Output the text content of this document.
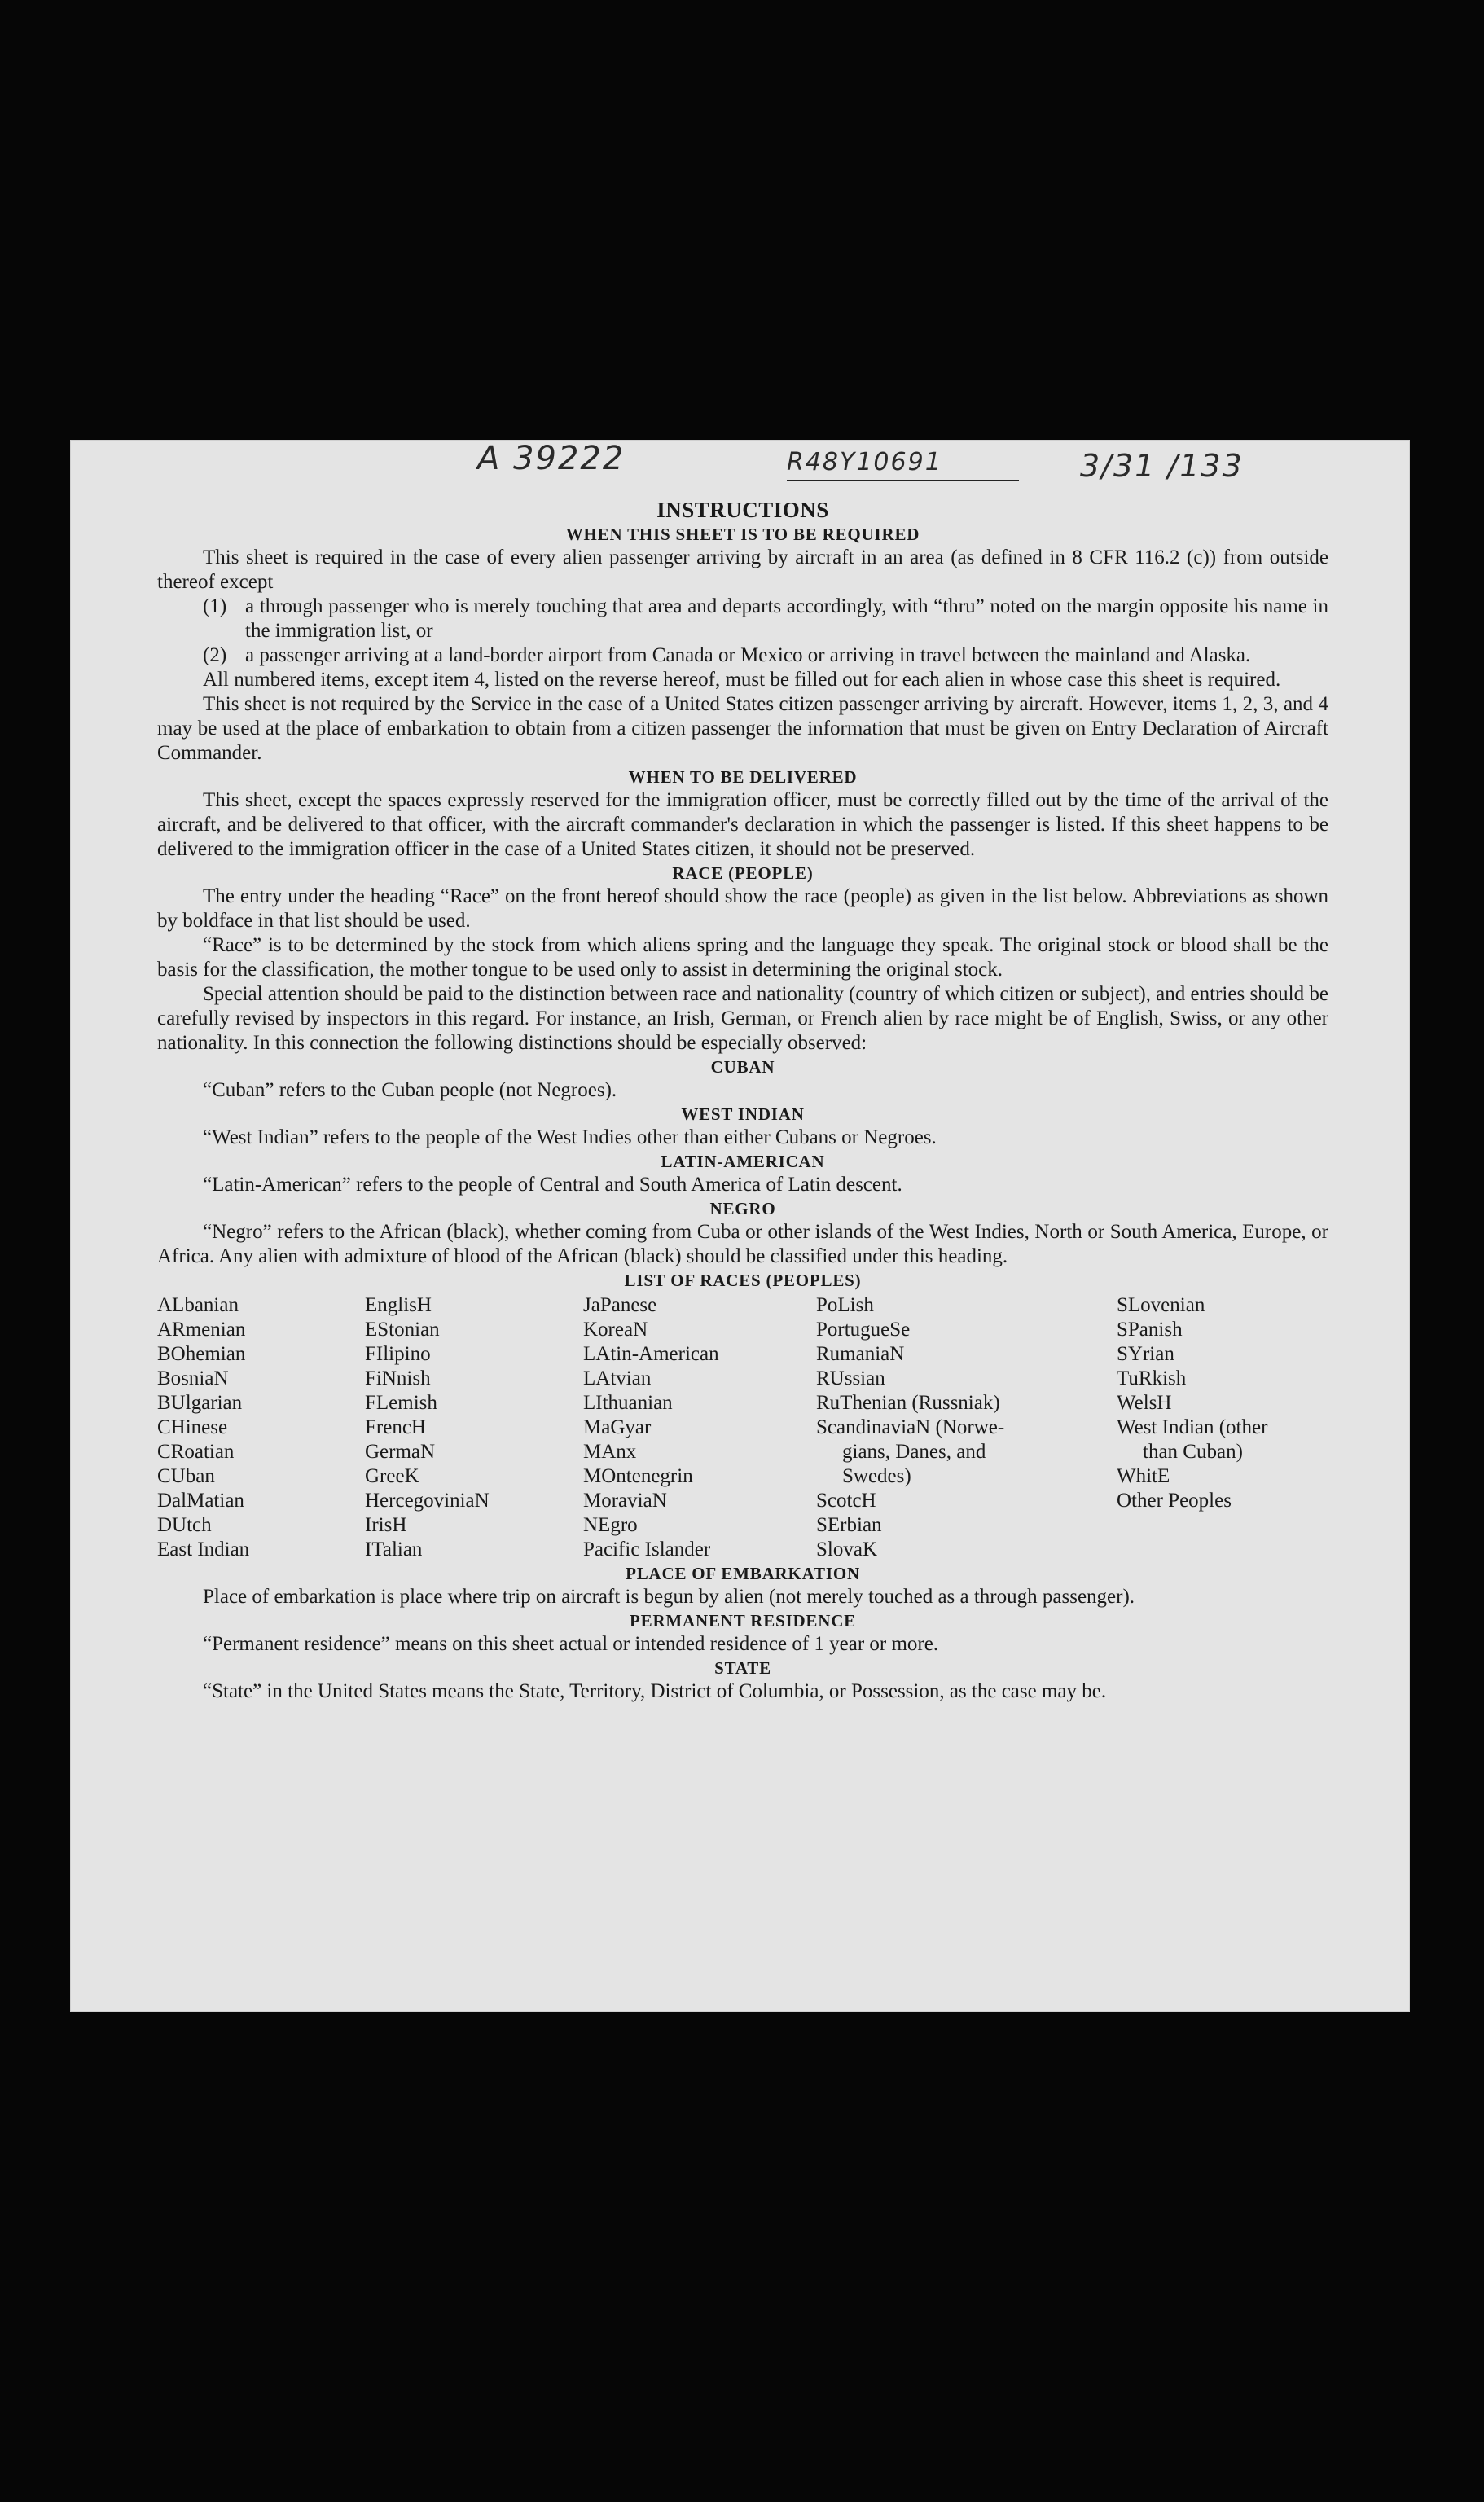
A 39222	R48Y10691	3/31 /133
INSTRUCTIONS
WHEN THIS SHEET IS TO BE REQUIRED

This sheet is required in the case of every alien passenger arriving by aircraft in an area (as defined in 8 CFR 116.2 (c)) from outside thereof except

(1) a through passenger who is merely touching that area and departs accordingly, with “thru” noted on the margin opposite his name in the immigration list, or
(2) a passenger arriving at a land-border airport from Canada or Mexico or arriving in travel between the mainland and Alaska.

All numbered items, except item 4, listed on the reverse hereof, must be filled out for each alien in whose case this sheet is required.

This sheet is not required by the Service in the case of a United States citizen passenger arriving by aircraft. However, items 1, 2, 3, and 4 may be used at the place of embarkation to obtain from a citizen passenger the information that must be given on Entry Declaration of Aircraft Commander.

WHEN TO BE DELIVERED

This sheet, except the spaces expressly reserved for the immigration officer, must be correctly filled out by the time of the arrival of the aircraft, and be delivered to that officer, with the aircraft commander's declaration in which the passenger is listed. If this sheet happens to be delivered to the immigration officer in the case of a United States citizen, it should not be preserved.

RACE (PEOPLE)

The entry under the heading “Race” on the front hereof should show the race (people) as given in the list below. Abbreviations as shown by boldface in that list should be used.

“Race” is to be determined by the stock from which aliens spring and the language they speak. The original stock or blood shall be the basis for the classification, the mother tongue to be used only to assist in determining the original stock.

Special attention should be paid to the distinction between race and nationality (country of which citizen or subject), and entries should be carefully revised by inspectors in this regard. For instance, an Irish, German, or French alien by race might be of English, Swiss, or any other nationality. In this connection the following distinctions should be especially observed:

CUBAN

“Cuban” refers to the Cuban people (not Negroes).

WEST INDIAN

“West Indian” refers to the people of the West Indies other than either Cubans or Negroes.

LATIN-AMERICAN

“Latin-American” refers to the people of Central and South America of Latin descent.

NEGRO

“Negro” refers to the African (black), whether coming from Cuba or other islands of the West Indies, North or South America, Europe, or Africa. Any alien with admixture of blood of the African (black) should be classified under this heading.

LIST OF RACES (PEOPLES)
ALbanian
ARmenian
BOhemian
BosniaN
BUlgarian
CHinese
CRoatian
CUban
DalMatian
DUtch
East Indian
EnglisH
EStonian
FIlipino
FiNnish
FLemish
FrencH
GermaN
GreeK
HercegoviniaN
IrisH
ITalian
JaPanese
KoreaN
LAtin-American
LAtvian
LIthuanian
MaGyar
MAnx
MOntenegrin
MoraviaN
NEgro
Pacific Islander
PoLish
PortugueSe
RumaniaN
RUssian
RuThenian (Russniak)
ScandinaviaN (Norwe-
gians, Danes, and
Swedes)
ScotcH
SErbian
SlovaK
SLovenian
SPanish
SYrian
TuRkish
WelsH
West Indian (other
than Cuban)
WhitE
Other Peoples
PLACE OF EMBARKATION

Place of embarkation is place where trip on aircraft is begun by alien (not merely touched as a through passenger).

PERMANENT RESIDENCE

“Permanent residence” means on this sheet actual or intended residence of 1 year or more.

STATE

“State” in the United States means the State, Territory, District of Columbia, or Possession, as the case may be.
